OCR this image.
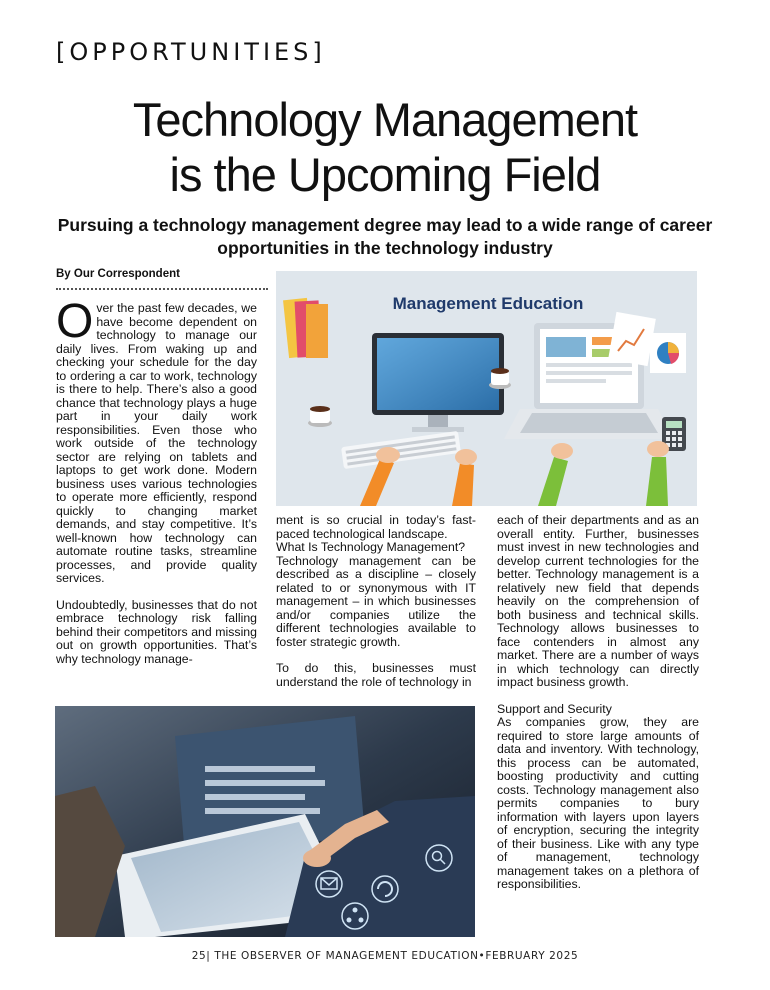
[OPPORTUNITIES]
Technology Management
is the Upcoming Field
Pursuing a technology management degree may lead to a wide range of career opportunities in the technology industry
By Our Correspondent
Management Education

Over the past few decades, we have become dependent on technology to manage our daily lives. From waking up and checking your schedule for the day to ordering a car to work, technology is there to help. There’s also a good chance that technology plays a huge part in your daily work responsibilities. Even those who work outside of the technology sector are relying on tablets and laptops to get work done. Modern business uses various technologies to operate more efficiently, respond quickly to changing market demands, and stay competitive. It’s well-known how technology can automate routine tasks, streamline processes, and provide quality services.

Undoubtedly, businesses that do not embrace technology risk falling behind their competitors and missing out on growth opportunities. That’s why technology manage-

ment is so crucial in today’s fast-paced technological landscape.

What Is Technology Management?

Technology management can be described as a discipline – closely related to or synonymous with IT management – in which businesses and/or companies utilize the different technologies available to foster strategic growth.

To do this, businesses must understand the role of technology in

each of their departments and as an overall entity. Further, businesses must invest in new technologies and develop current technologies for the better. Technology management is a relatively new field that depends heavily on the comprehension of both business and technical skills. Technology allows businesses to face contenders in almost any market. There are a number of ways in which technology can directly impact business growth.

Support and Security

As companies grow, they are required to store large amounts of data and inventory. With technology, this process can be automated, boosting productivity and cutting costs. Technology management also permits companies to bury information with layers upon layers of encryption, securing the integrity of their business. Like with any type of management, technology management takes on a plethora of responsibilities.

25| THE OBSERVER OF MANAGEMENT EDUCATION•FEBRUARY 2025
